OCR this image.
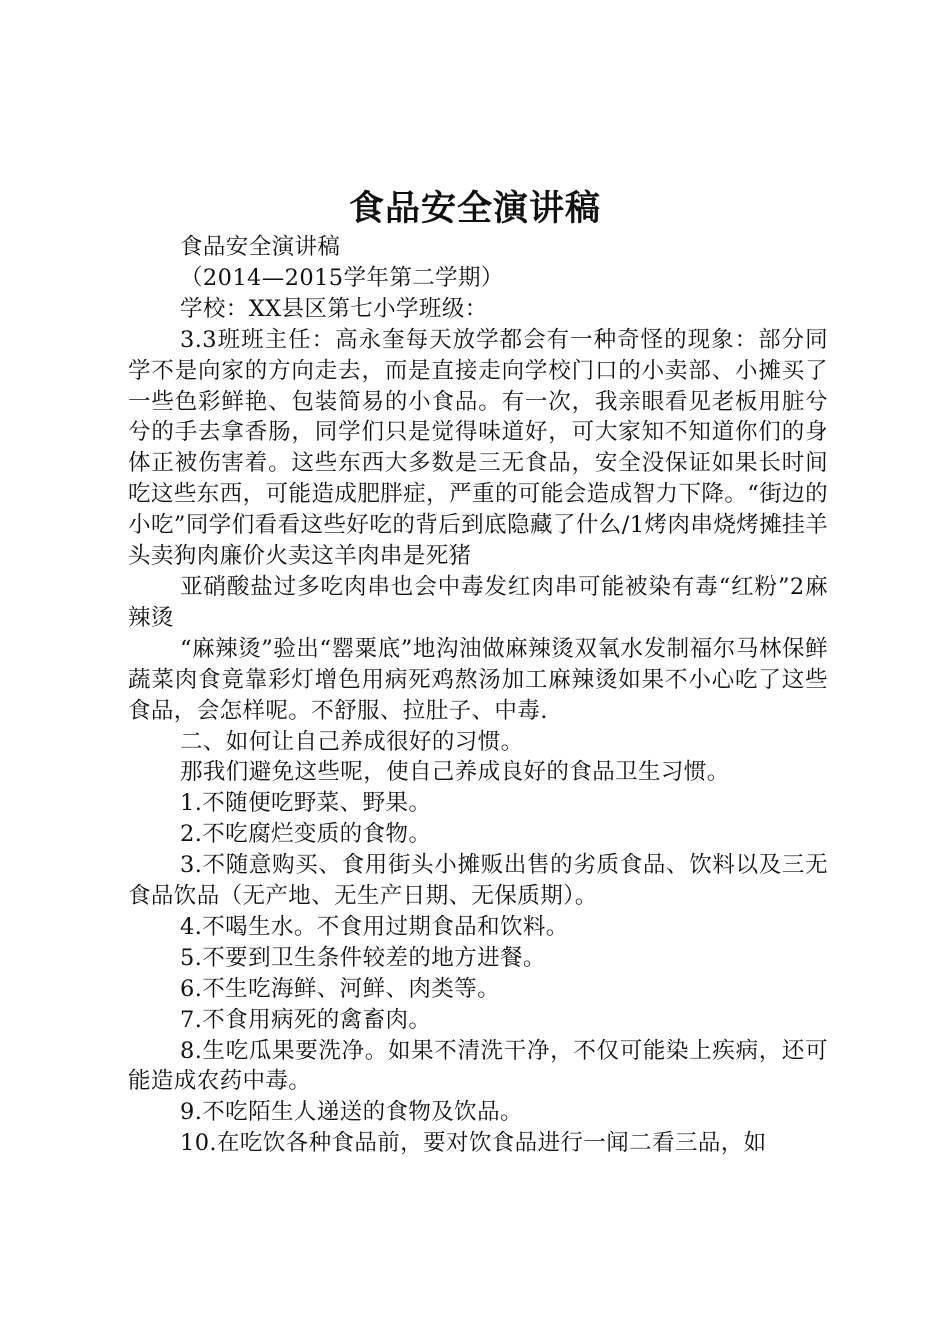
食品安全演讲稿

食品安全演讲稿

（2014—2015学年第二学期）

学校：XX县区第七小学班级：

3.3班班主任：高永奎每天放学都会有一种奇怪的现象：部分同学不是向家的方向走去，而是直接走向学校门口的小卖部、小摊买了一些色彩鲜艳、包装简易的小食品。有一次，我亲眼看见老板用脏兮兮的手去拿香肠，同学们只是觉得味道好，可大家知不知道你们的身体正被伤害着。这些东西大多数是三无食品，安全没保证如果长时间吃这些东西，可能造成肥胖症，严重的可能会造成智力下降。“街边的小吃”同学们看看这些好吃的背后到底隐藏了什么/1烤肉串烧烤摊挂羊头卖狗肉廉价火卖这羊肉串是死猪

亚硝酸盐过多吃肉串也会中毒发红肉串可能被染有毒“红粉”2麻辣烫

“麻辣烫”验出“罂粟底”地沟油做麻辣烫双氧水发制福尔马林保鲜蔬菜肉食竟靠彩灯增色用病死鸡熬汤加工麻辣烫如果不小心吃了这些食品，会怎样呢。不舒服、拉肚子、中毒.

二、如何让自己养成很好的习惯。

那我们避免这些呢，使自己养成良好的食品卫生习惯。

1.不随便吃野菜、野果。

2.不吃腐烂变质的食物。

3.不随意购买、食用街头小摊贩出售的劣质食品、饮料以及三无食品饮品（无产地、无生产日期、无保质期）。

4.不喝生水。不食用过期食品和饮料。

5.不要到卫生条件较差的地方进餐。

6.不生吃海鲜、河鲜、肉类等。

7.不食用病死的禽畜肉。

8.生吃瓜果要洗净。如果不清洗干净，不仅可能染上疾病，还可能造成农药中毒。

9.不吃陌生人递送的食物及饮品。

10.在吃饮各种食品前，要对饮食品进行一闻二看三品，如
